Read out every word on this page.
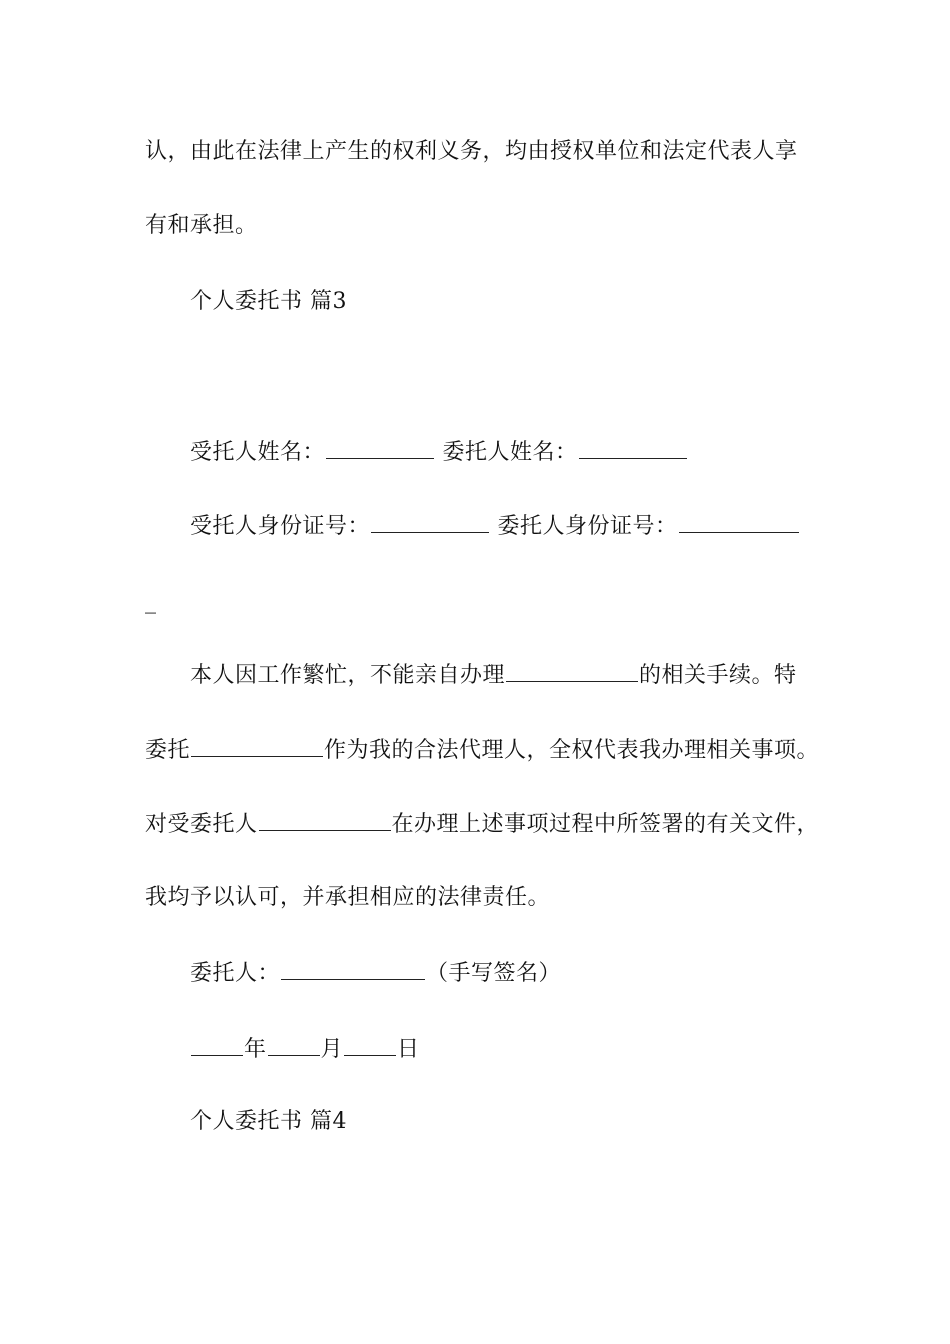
认，由此在法律上产生的权利义务，均由授权单位和法定代表人享
有和承担。
个人委托书 篇3
受托人姓名：	委托人姓名：
受托人身份证号：	委托人身份证号：
_
本人因工作繁忙，不能亲自办理	的相关手续。特
委托	作为我的合法代理人，全权代表我办理相关事项。
对受委托人	在办理上述事项过程中所签署的有关文件，
我均予以认可，并承担相应的法律责任。
委托人：	（手写签名）
年 月 日
个人委托书 篇4
